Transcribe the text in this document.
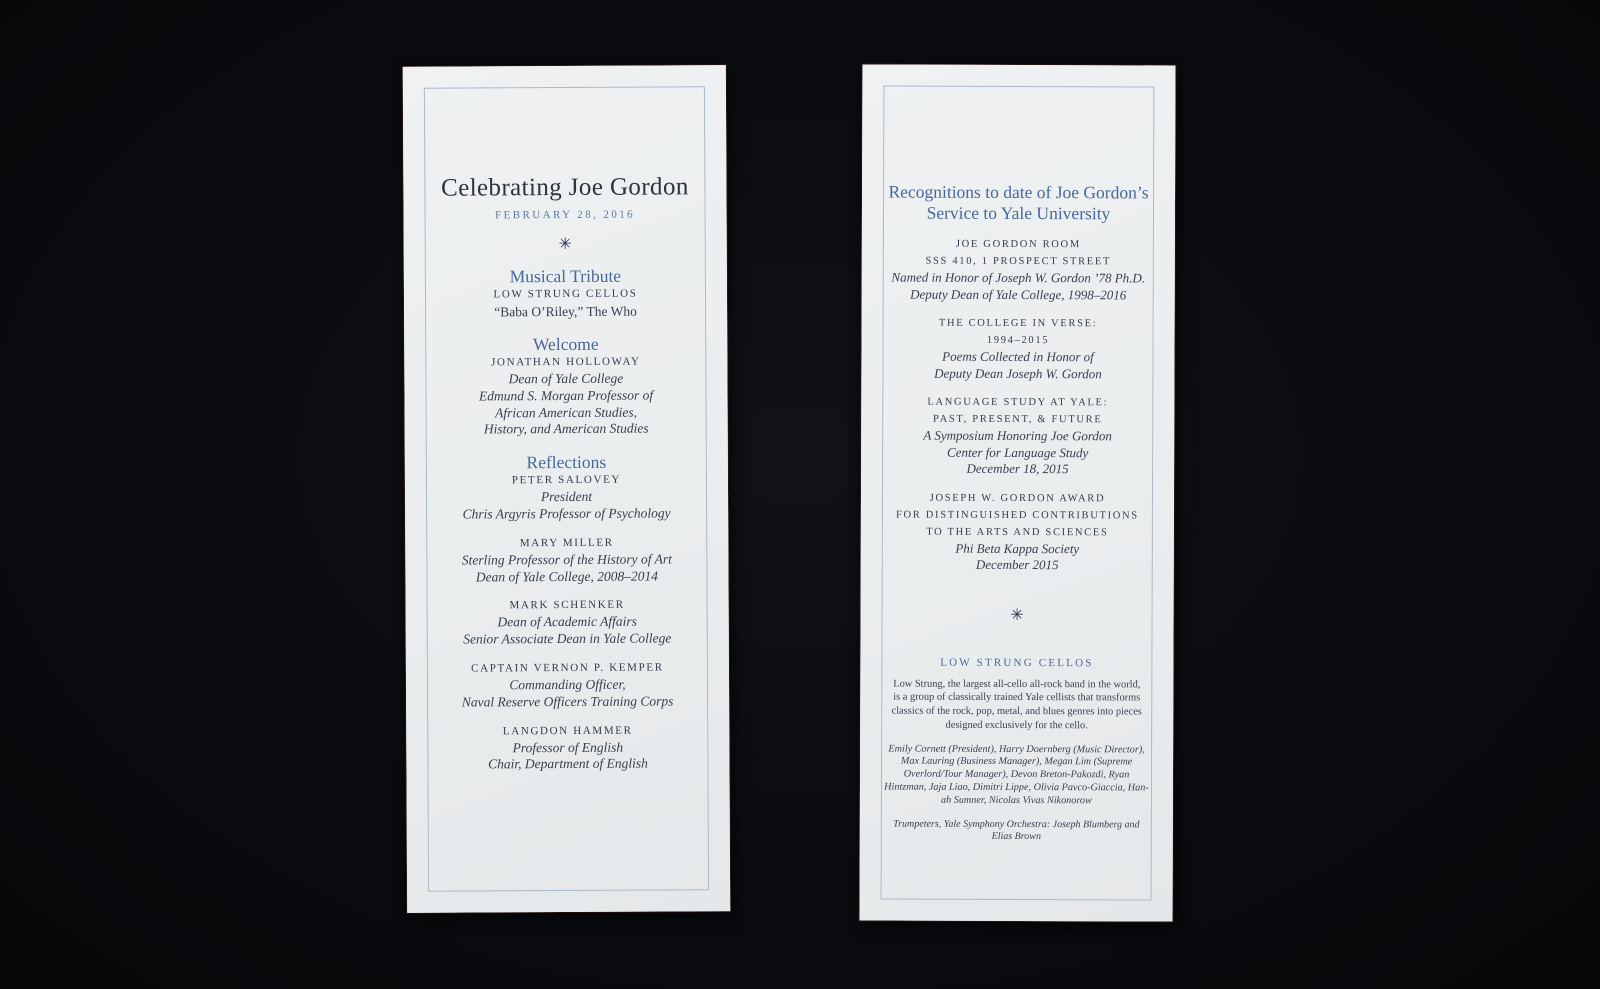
Celebrating Joe Gordon
FEBRUARY 28, 2016
✳
Musical Tribute
LOW STRUNG CELLOS
“Baba O’Riley,” The Who
Welcome
JONATHAN HOLLOWAY
Dean of Yale College
Edmund S. Morgan Professor of
African American Studies,
History, and American Studies
Reflections
PETER SALOVEY
President
Chris Argyris Professor of Psychology
MARY MILLER
Sterling Professor of the History of Art
Dean of Yale College, 2008–2014
MARK SCHENKER
Dean of Academic Affairs
Senior Associate Dean in Yale College
CAPTAIN VERNON P. KEMPER
Commanding Officer,
Naval Reserve Officers Training Corps
LANGDON HAMMER
Professor of English
Chair, Department of English
Recognitions to date of Joe Gordon’s
Service to Yale University
JOE GORDON ROOM
SSS 410, 1 PROSPECT STREET
Named in Honor of Joseph W. Gordon ’78 Ph.D.
Deputy Dean of Yale College, 1998–2016
THE COLLEGE IN VERSE:
1994–2015
Poems Collected in Honor of
Deputy Dean Joseph W. Gordon
LANGUAGE STUDY AT YALE:
PAST, PRESENT, & FUTURE
A Symposium Honoring Joe Gordon
Center for Language Study
December 18, 2015
JOSEPH W. GORDON AWARD
FOR DISTINGUISHED CONTRIBUTIONS
TO THE ARTS AND SCIENCES
Phi Beta Kappa Society
December 2015
✳
LOW STRUNG CELLOS

Low Strung, the largest all-cello all-rock band in the world, is a group of classically trained Yale cellists that transforms classics of the rock, pop, metal, and blues genres into pieces designed exclusively for the cello.

Emily Cornett (President), Harry Doernberg (Music Director), Max Lauring (Business Manager), Megan Lim (Supreme Overlord/Tour Manager), Devon Breton-Pakozdi, Ryan Hintzman, Jaja Liao, Dimitri Lippe, Olivia Pavco-Giaccia, Han-ah Sumner, Nicolas Vivas Nikonorow

Trumpeters, Yale Symphony Orchestra: Joseph Blumberg and Elias Brown
